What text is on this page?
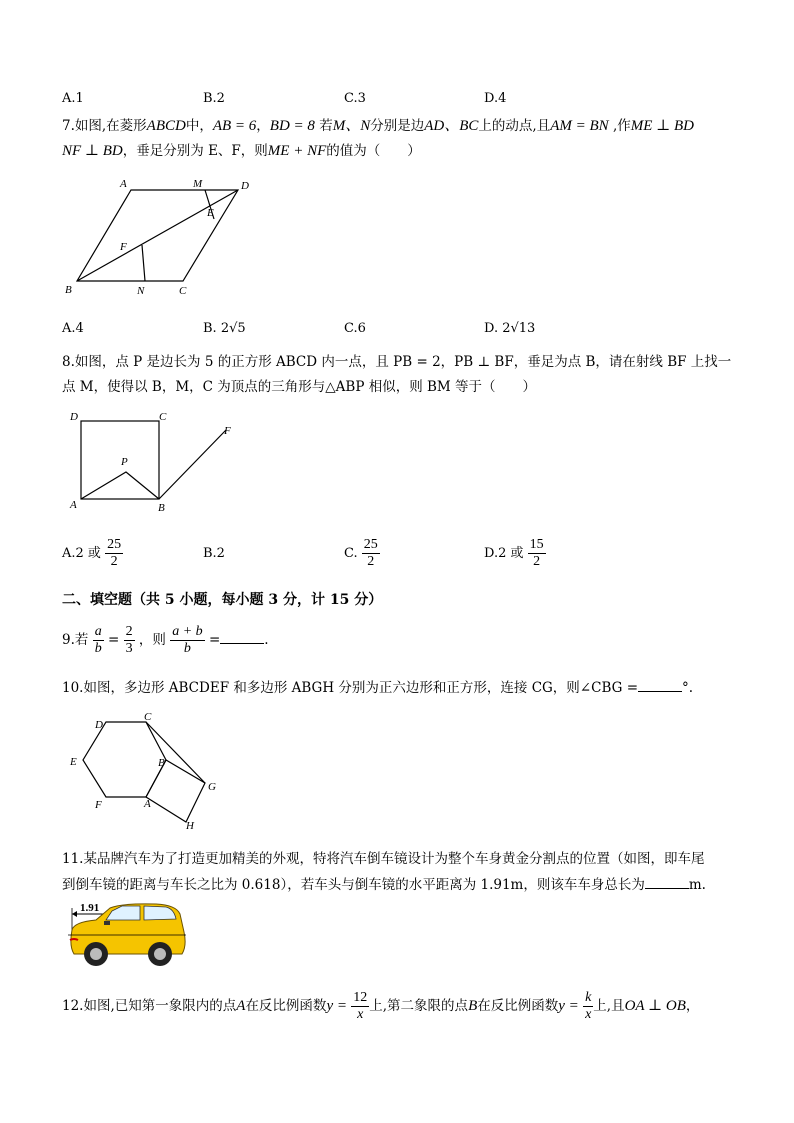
A.1	B.2	C.3	D.4
7.如图,在菱形ABCD中，AB = 6，BD = 8 若M、N分别是边AD、BC上的动点,且AM = BN ,作ME ⊥ BD
NF ⊥ BD，垂足分别为 E、F，则ME + NF的值为（　　）
A	M	D
E
F
B	N	C
A.4	B. 2√5	C.6	D. 2√13
8.如图，点 P 是边长为 5 的正方形 ABCD 内一点，且 PB = 2，PB ⊥ BF，垂足为点 B，请在射线 BF 上找一
点 M，使得以 B，M，C 为顶点的三角形与△ABP 相似，则 BM 等于（　　）
D	C
F
P
A	B
A.2 或 $\frac{25}{2}$	B.2	C. $\frac{25}{2}$	D.2 或 $\frac{15}{2}$
二、填空题（共 5 小题，每小题 3 分，计 15 分）
9.若 $\frac{a}{b} = \frac{2}{3}$ ，则 $\frac{a + b}{b}$ =	.
10.如图，多边形 ABCDEF 和多边形 ABGH 分别为正六边形和正方形，连接 CG，则∠CBG =	°.
D
C
E	B
G
F	A
H
11.某品牌汽车为了打造更加精美的外观，特将汽车倒车镜设计为整个车身黄金分割点的位置（如图，即车尾
到倒车镜的距离与车长之比为 0.618），若车头与倒车镜的水平距离为 1.91m，则该车车身总长为	m.
1.91
12.如图,已知第一象限内的点A在反比例函数$y = \frac{12}{x}$ 上,第二象限的点B在反比例函数$y = \frac{k}{x}$ 上,且OA ⊥ OB，
